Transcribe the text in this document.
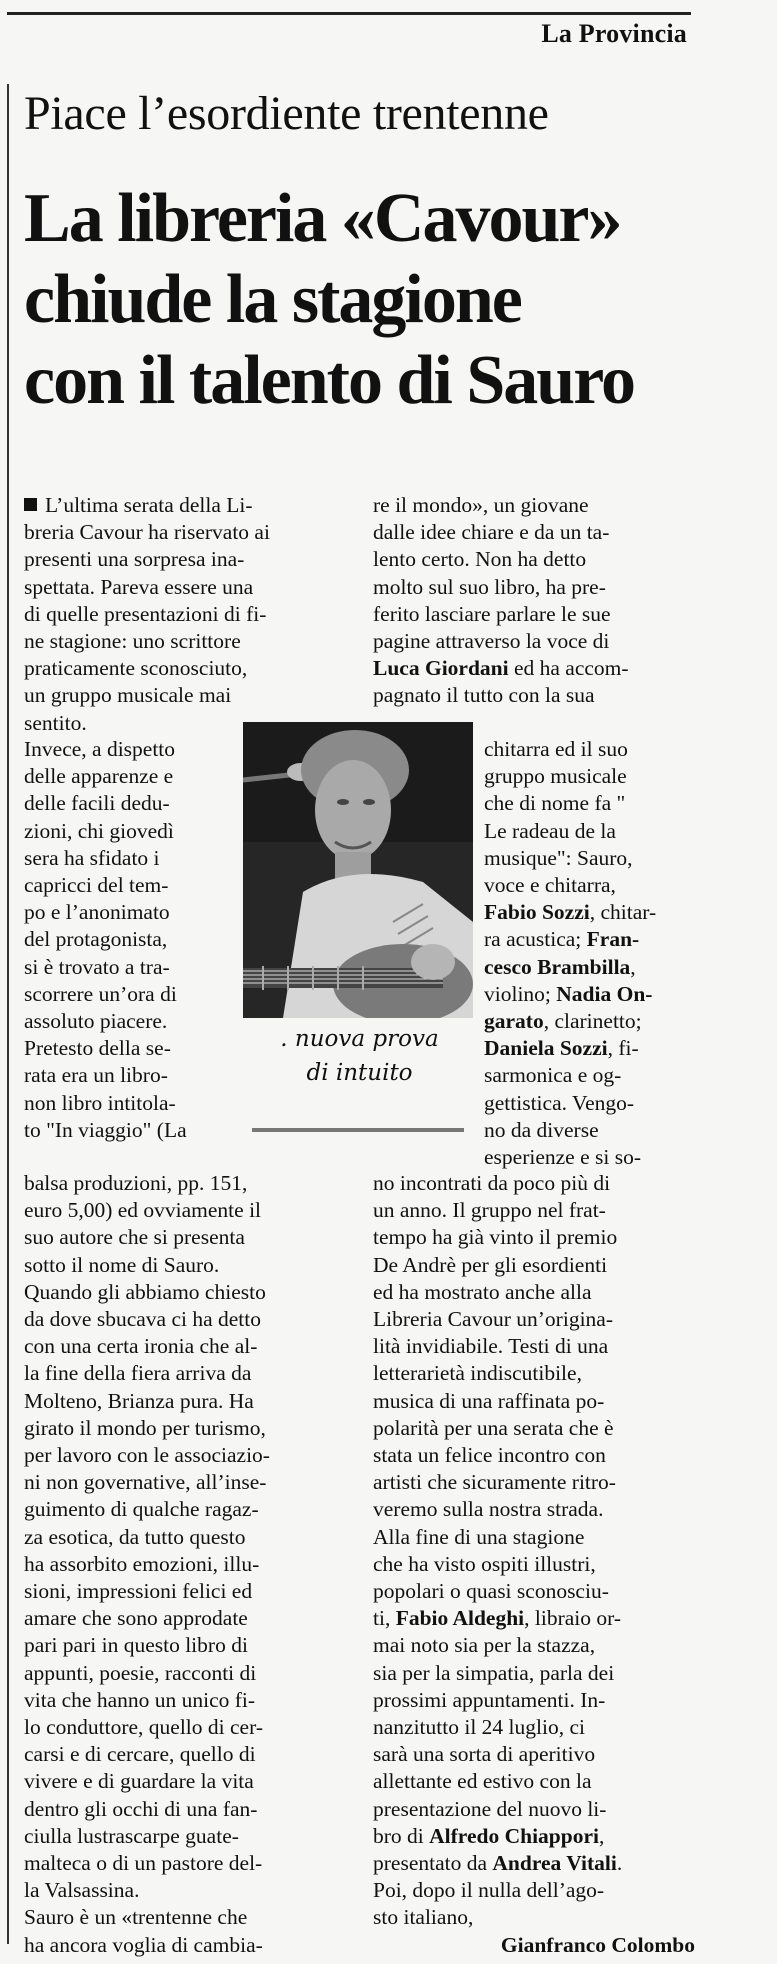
La Provincia
Piace l’esordiente trentenne
La libreria «Cavour»
chiude la stagione
con il talento di Sauro
L’ultima serata della Li-
breria Cavour ha riservato ai
presenti una sorpresa ina-
spettata. Pareva essere una
di quelle presentazioni di fi-
ne stagione: uno scrittore
praticamente sconosciuto,
un gruppo musicale mai
sentito.
Invece, a dispetto
delle apparenze e
delle facili dedu-
zioni, chi giovedì
sera ha sfidato i
capricci del tem-
po e l’anonimato
del protagonista,
si è trovato a tra-
scorrere un’ora di
assoluto piacere.
Pretesto della se-
rata era un libro-
non libro intitola-
to "In viaggio" (La
balsa produzioni, pp. 151,
euro 5,00) ed ovviamente il
suo autore che si presenta
sotto il nome di Sauro.
Quando gli abbiamo chiesto
da dove sbucava ci ha detto
con una certa ironia che al-
la fine della fiera arriva da
Molteno, Brianza pura. Ha
girato il mondo per turismo,
per lavoro con le associazio-
ni non governative, all’inse-
guimento di qualche ragaz-
za esotica, da tutto questo
ha assorbito emozioni, illu-
sioni, impressioni felici ed
amare che sono approdate
pari pari in questo libro di
appunti, poesie, racconti di
vita che hanno un unico fi-
lo conduttore, quello di cer-
carsi e di cercare, quello di
vivere e di guardare la vita
dentro gli occhi di una fan-
ciulla lustrascarpe guate-
malteca o di un pastore del-
la Valsassina.
Sauro è un «trentenne che
ha ancora voglia di cambia-
re il mondo», un giovane
dalle idee chiare e da un ta-
lento certo. Non ha detto
molto sul suo libro, ha pre-
ferito lasciare parlare le sue
pagine attraverso la voce di
Luca Giordani ed ha accom-
pagnato il tutto con la sua
chitarra ed il suo
gruppo musicale
che di nome fa "
Le radeau de la
musique": Sauro,
voce e chitarra,
Fabio Sozzi, chitar-
ra acustica; Fran-
cesco Brambilla,
violino; Nadia On-
garato, clarinetto;
Daniela Sozzi, fi-
sarmonica e og-
gettistica. Vengo-
no da diverse
esperienze e si so-
no incontrati da poco più di
un anno. Il gruppo nel frat-
tempo ha già vinto il premio
De Andrè per gli esordienti
ed ha mostrato anche alla
Libreria Cavour un’origina-
lità invidiabile. Testi di una
letterarietà indiscutibile,
musica di una raffinata po-
polarità per una serata che è
stata un felice incontro con
artisti che sicuramente ritro-
veremo sulla nostra strada.
Alla fine di una stagione
che ha visto ospiti illustri,
popolari o quasi sconosciu-
ti, Fabio Aldeghi, libraio or-
mai noto sia per la stazza,
sia per la simpatia, parla dei
prossimi appuntamenti. In-
nanzitutto il 24 luglio, ci
sarà una sorta di aperitivo
allettante ed estivo con la
presentazione del nuovo li-
bro di Alfredo Chiappori,
presentato da Andrea Vitali.
Poi, dopo il nulla dell’ago-
sto italiano,
Gianfranco Colombo
. nuova prova
di intuito
